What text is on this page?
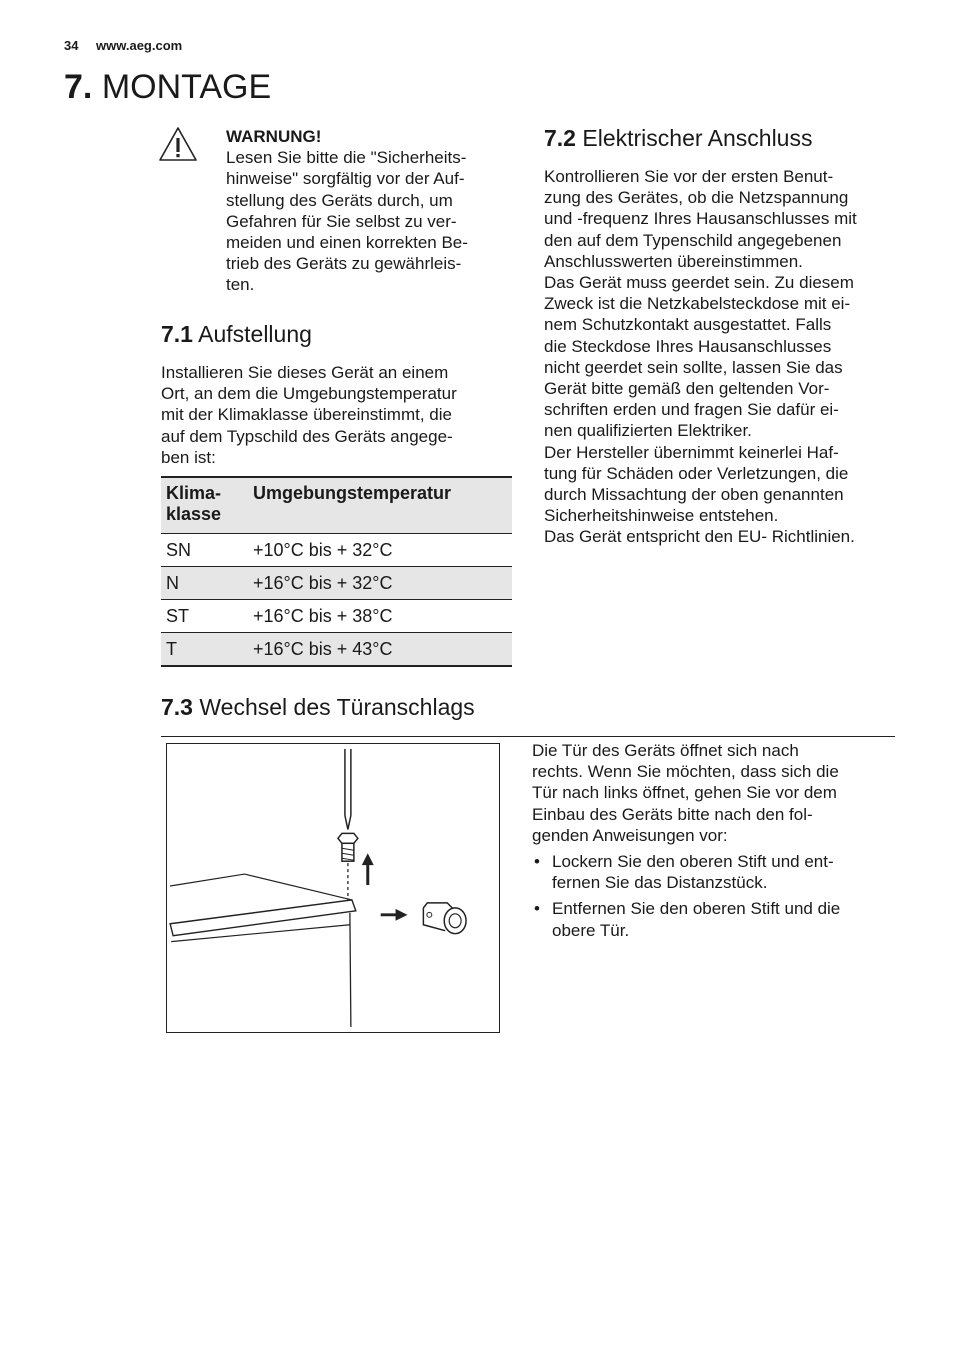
34 www.aeg.com
7. MONTAGE
WARNUNG!
Lesen Sie bitte die "Sicherheits-
hinweise" sorgfältig vor der Auf-
stellung des Geräts durch, um
Gefahren für Sie selbst zu ver-
meiden und einen korrekten Be-
trieb des Geräts zu gewährleis-
ten.
7.1 Aufstellung
Installieren Sie dieses Gerät an einem
Ort, an dem die Umgebungstemperatur
mit der Klimaklasse übereinstimmt, die
auf dem Typschild des Geräts angege-
ben ist:
Klima-
klasse	Umgebungstemperatur
SN	+10°C bis + 32°C
N	+16°C bis + 32°C
ST	+16°C bis + 38°C
T	+16°C bis + 43°C
7.2 Elektrischer Anschluss
Kontrollieren Sie vor der ersten Benut-
zung des Gerätes, ob die Netzspannung
und -frequenz Ihres Hausanschlusses mit
den auf dem Typenschild angegebenen
Anschlusswerten übereinstimmen.
Das Gerät muss geerdet sein. Zu diesem
Zweck ist die Netzkabelsteckdose mit ei-
nem Schutzkontakt ausgestattet. Falls
die Steckdose Ihres Hausanschlusses
nicht geerdet sein sollte, lassen Sie das
Gerät bitte gemäß den geltenden Vor-
schriften erden und fragen Sie dafür ei-
nen qualifizierten Elektriker.
Der Hersteller übernimmt keinerlei Haf-
tung für Schäden oder Verletzungen, die
durch Missachtung der oben genannten
Sicherheitshinweise entstehen.
Das Gerät entspricht den EU- Richtlinien.
7.3 Wechsel des Türanschlags
Die Tür des Geräts öffnet sich nach
rechts. Wenn Sie möchten, dass sich die
Tür nach links öffnet, gehen Sie vor dem
Einbau des Geräts bitte nach den fol-
genden Anweisungen vor:
• Lockern Sie den oberen Stift und ent-
fernen Sie das Distanzstück.
• Entfernen Sie den oberen Stift und die
obere Tür.
